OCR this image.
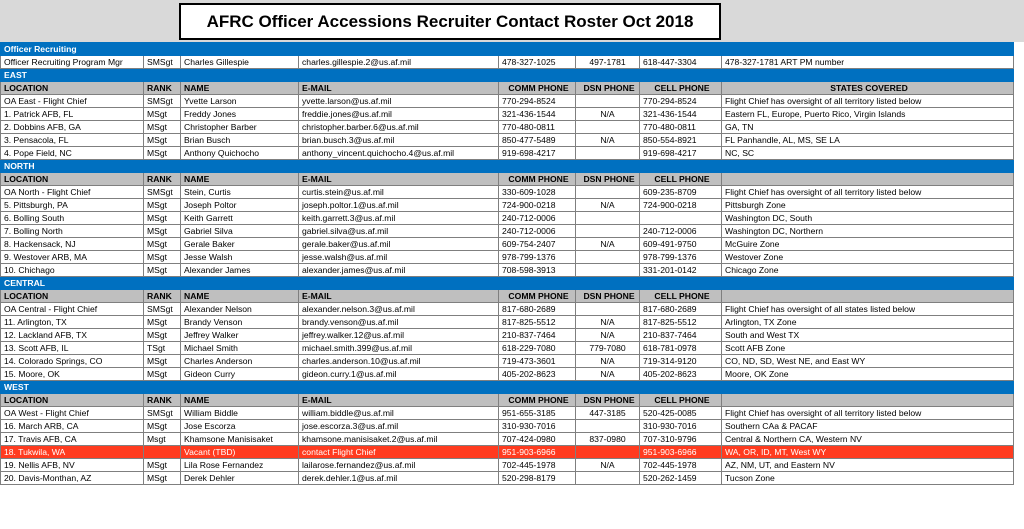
AFRC Officer Accessions Recruiter Contact Roster Oct 2018
Officer Recruiting							
Officer Recruiting Program Mgr	SMSgt	Charles Gillespie	charles.gillespie.2@us.af.mil	478-327-1025	497-1781	618-447-3304	478-327-1781 ART PM number
EAST							
LOCATION	RANK	NAME	E-MAIL	COMM PHONE	DSN PHONE	CELL PHONE	STATES COVERED
OA East - Flight Chief	SMSgt	Yvette Larson	yvette.larson@us.af.mil	770-294-8524		770-294-8524	Flight Chief has oversight of all territory listed below
1. Patrick AFB, FL	MSgt	Freddy Jones	freddie.jones@us.af.mil	321-436-1544	N/A	321-436-1544	Eastern FL, Europe, Puerto Rico, Virgin Islands
2. Dobbins AFB, GA	MSgt	Christopher Barber	christopher.barber.6@us.af.mil	770-480-0811		770-480-0811	GA, TN
3. Pensacola, FL	MSgt	Brian Busch	brian.busch.3@us.af.mil	850-477-5489	N/A	850-554-8921	FL Panhandle, AL, MS, SE LA
4. Pope Field, NC	MSgt	Anthony Quichocho	anthony_vincent.quichocho.4@us.af.mil	919-698-4217		919-698-4217	NC, SC
NORTH							
LOCATION	RANK	NAME	E-MAIL	COMM PHONE	DSN PHONE	CELL PHONE	
OA North - Flight Chief	SMSgt	Stein, Curtis	curtis.stein@us.af.mil	330-609-1028		609-235-8709	Flight Chief has oversight of all territory listed below
5. Pittsburgh, PA	MSgt	Joseph Poltor	joseph.poltor.1@us.af.mil	724-900-0218	N/A	724-900-0218	Pittsburgh Zone
6. Bolling South	MSgt	Keith Garrett	keith.garrett.3@us.af.mil	240-712-0006			Washington DC, South
7. Bolling North	MSgt	Gabriel Silva	gabriel.silva@us.af.mil	240-712-0006		240-712-0006	Washington DC, Northern
8. Hackensack, NJ	MSgt	Gerale Baker	gerale.baker@us.af.mil	609-754-2407	N/A	609-491-9750	McGuire Zone
9. Westover ARB, MA	MSgt	Jesse Walsh	jesse.walsh@us.af.mil	978-799-1376		978-799-1376	Westover Zone
10. Chichago	MSgt	Alexander James	alexander.james@us.af.mil	708-598-3913		331-201-0142	Chicago Zone
CENTRAL							
LOCATION	RANK	NAME	E-MAIL	COMM PHONE	DSN PHONE	CELL PHONE	
OA Central - Flight Chief	SMSgt	Alexander Nelson	alexander.nelson.3@us.af.mil	817-680-2689		817-680-2689	Flight Chief has oversight of all states listed below
11. Arlington, TX	MSgt	Brandy Venson	brandy.venson@us.af.mil	817-825-5512	N/A	817-825-5512	Arlington, TX Zone
12. Lackland AFB, TX	MSgt	Jeffrey Walker	jeffrey.walker.12@us.af.mil	210-837-7464	N/A	210-837-7464	South and West TX
13. Scott AFB, IL	TSgt	Michael Smith	michael.smith.399@us.af.mil	618-229-7080	779-7080	618-781-0978	Scott AFB Zone
14. Colorado Springs, CO	MSgt	Charles Anderson	charles.anderson.10@us.af.mil	719-473-3601	N/A	719-314-9120	CO, ND, SD, West NE, and East WY
15. Moore, OK	MSgt	Gideon Curry	gideon.curry.1@us.af.mil	405-202-8623	N/A	405-202-8623	Moore, OK Zone
WEST							
LOCATION	RANK	NAME	E-MAIL	COMM PHONE	DSN PHONE	CELL PHONE	
OA West - Flight Chief	SMSgt	William Biddle	william.biddle@us.af.mil	951-655-3185	447-3185	520-425-0085	Flight Chief has oversight of all territory listed below
16. March ARB, CA	MSgt	Jose Escorza	jose.escorza.3@us.af.mil	310-930-7016		310-930-7016	Southern CAa & PACAF
17. Travis AFB, CA	Msgt	Khamsone Manisisaket	khamsone.manisisaket.2@us.af.mil	707-424-0980	837-0980	707-310-9796	Central & Northern CA, Western NV
18. Tukwila, WA		Vacant (TBD)	contact Flight Chief	951-903-6966		951-903-6966	WA, OR, ID, MT, West WY
19. Nellis AFB, NV	MSgt	Lila Rose Fernandez	lailarose.fernandez@us.af.mil	702-445-1978	N/A	702-445-1978	AZ, NM, UT, and Eastern NV
20. Davis-Monthan, AZ	MSgt	Derek Dehler	derek.dehler.1@us.af.mil	520-298-8179		520-262-1459	Tucson Zone
